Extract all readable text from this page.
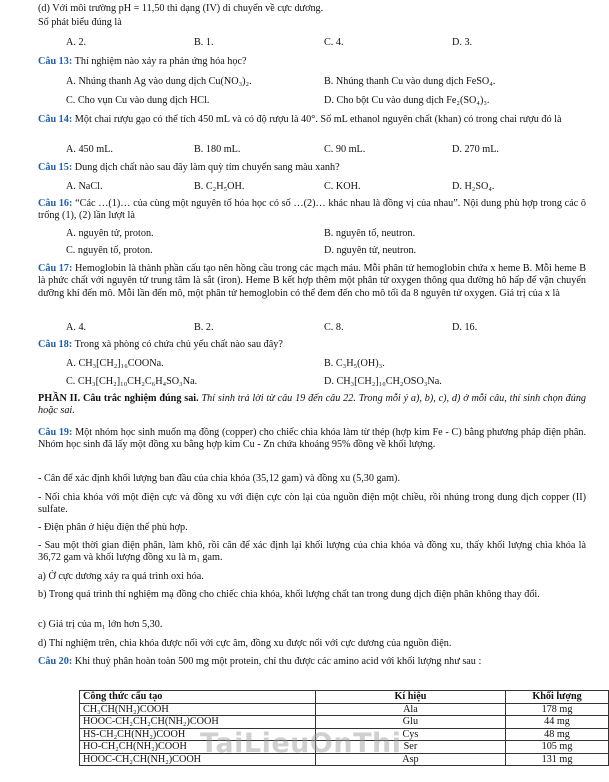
(d) Với môi trường pH = 11,50 thì dạng (IV) di chuyển về cực dương.
Số phát biểu đúng là
A. 2.	B. 1.	C. 4.	D. 3.
Câu 13: Thí nghiệm nào xảy ra phản ứng hóa học?
A. Nhúng thanh Ag vào dung dịch Cu(NO₃)₂.	B. Nhúng thanh Cu vào dung dịch FeSO₄.
C. Cho vụn Cu vào dung dịch HCl.	D. Cho bột Cu vào dung dịch Fe₂(SO₄)₃.
Câu 14: Một chai rượu gạo có thể tích 450 mL và có độ rượu là 40°. Số mL ethanol nguyên chất (khan) có trong chai rượu đó là
A. 450 mL.	B. 180 mL.	C. 90 mL.	D. 270 mL.
Câu 15: Dung dịch chất nào sau đây làm quỳ tím chuyển sang màu xanh?
A. NaCl.	B. C₂H₅OH.	C. KOH.	D. H₂SO₄.
Câu 16: “Các …(1)… của cùng một nguyên tố hóa học có số …(2)… khác nhau là đồng vị của nhau”. Nội dung phù hợp trong các ô trống (1), (2) lần lượt là
A. nguyên tử, proton.	B. nguyên tố, neutron.
C. nguyên tố, proton.	D. nguyên tử, neutron.
Câu 17: Hemoglobin là thành phần cấu tạo nên hồng cầu trong các mạch máu. Mỗi phân tử hemoglobin chứa x heme B. Mỗi heme B là phức chất với nguyên tử trung tâm là sắt (iron). Heme B kết hợp thêm một phân tử oxygen thông qua đường hô hấp để vận chuyển dưỡng khí đến mô. Mỗi lần đến mô, một phân tử hemoglobin có thể đem đến cho mô tối đa 8 nguyên tử oxygen. Giá trị của x là
A. 4.	B. 2.	C. 8.	D. 16.
Câu 18: Trong xà phòng có chứa chủ yếu chất nào sau đây?
A. CH₃[CH₂]₁₆COONa.	B. C₃H₅(OH)₃.
C. CH₃[CH₂]₁₀CH₂C₆H₄SO₃Na.	D. CH₃[CH₂]₁₀CH₂OSO₃Na.
PHẦN II. Câu trắc nghiệm đúng sai. Thí sinh trả lời từ câu 19 đến câu 22. Trong mỗi ý a), b), c), d) ở mỗi câu, thí sinh chọn đúng hoặc sai.
Câu 19: Một nhóm học sinh muốn mạ đồng (copper) cho chiếc chìa khóa làm từ thép (hợp kim Fe - C) bằng phương pháp điện phân. Nhóm học sinh đã lấy một đồng xu bằng hợp kim Cu - Zn chứa khoảng 95% đồng về khối lượng.
- Cân để xác định khối lượng ban đầu của chìa khóa (35,12 gam) và đồng xu (5,30 gam).
- Nối chìa khóa với một điện cực và đồng xu với điện cực còn lại của nguồn điện một chiều, rồi nhúng trong dung dịch copper (II) sulfate.
- Điện phân ở hiệu điện thế phù hợp.
- Sau một thời gian điện phân, làm khô, rồi cân để xác định lại khối lượng của chìa khóa và đồng xu, thấy khối lượng chìa khóa là 36,72 gam và khối lượng đồng xu là m₁ gam.
a) Ở cực dương xảy ra quá trình oxi hóa.
b) Trong quá trình thí nghiệm mạ đồng cho chiếc chìa khóa, khối lượng chất tan trong dung dịch điện phân không thay đổi.
c) Giá trị của m₁ lớn hơn 5,30.
d) Thí nghiệm trên, chìa khóa được nối với cực âm, đồng xu được nối với cực dương của nguồn điện.
Câu 20: Khi thuỷ phân hoàn toàn 500 mg một protein, chỉ thu được các amino acid với khối lượng như sau :
Công thức cấu tạo	Kí hiệu	Khối lượng
CH₃CH(NH₂)COOH	Ala	178 mg
HOOC-CH₂CH₂CH(NH₂)COOH	Glu	44 mg
HS-CH₂CH(NH₂)COOH	Cys	48 mg
HO-CH₂CH(NH₂)COOH	Ser	105 mg
HOOC-CH₂CH(NH₂)COOH	Asp	131 mg
TaiLieuOnThi
